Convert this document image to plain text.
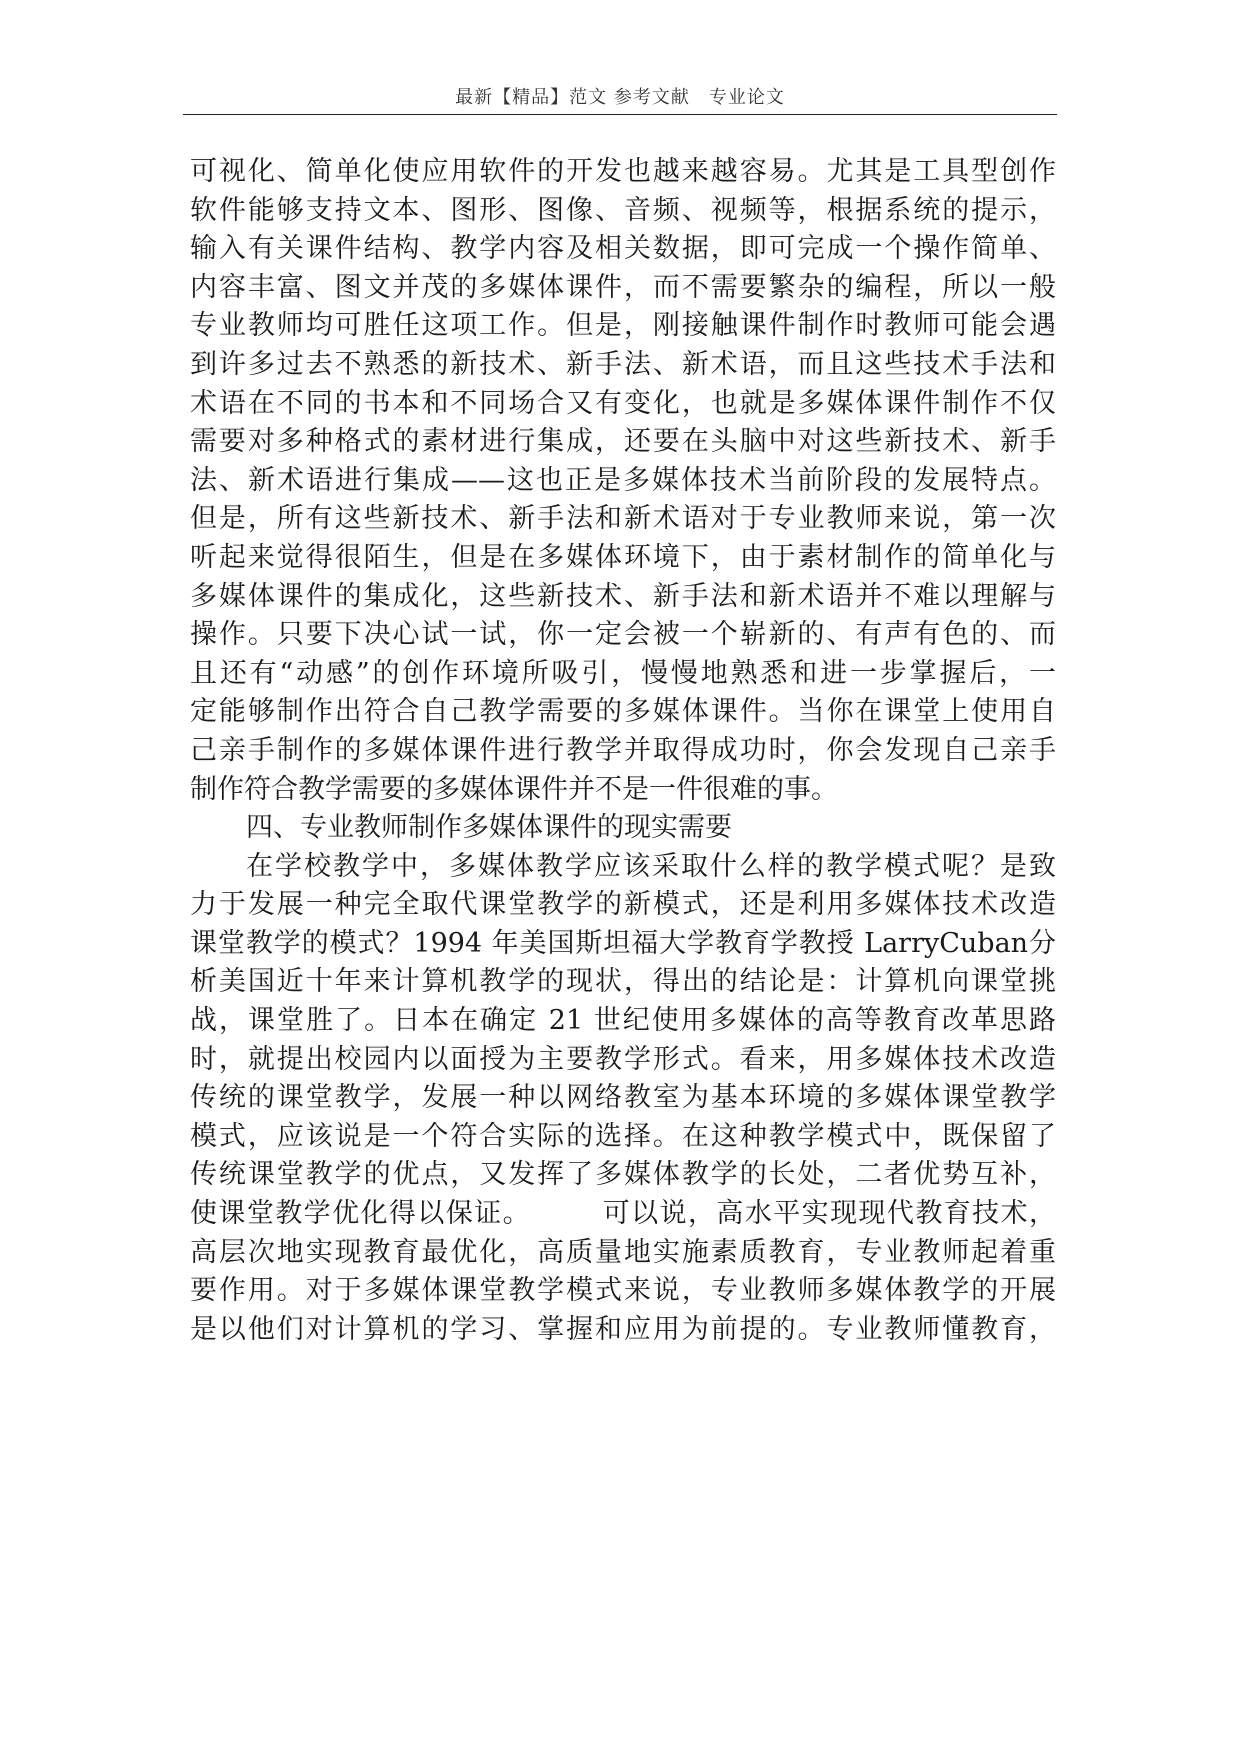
最新【精品】范文 参考文献　专业论文
可视化、简单化使应用软件的开发也越来越容易。尤其是工具型创作
软件能够支持文本、图形、图像、音频、视频等，根据系统的提示，
输入有关课件结构、教学内容及相关数据，即可完成一个操作简单、
内容丰富、图文并茂的多媒体课件，而不需要繁杂的编程，所以一般
专业教师均可胜任这项工作。但是，刚接触课件制作时教师可能会遇
到许多过去不熟悉的新技术、新手法、新术语，而且这些技术手法和
术语在不同的书本和不同场合又有变化，也就是多媒体课件制作不仅
需要对多种格式的素材进行集成，还要在头脑中对这些新技术、新手
法、新术语进行集成——这也正是多媒体技术当前阶段的发展特点。
但是，所有这些新技术、新手法和新术语对于专业教师来说，第一次
听起来觉得很陌生，但是在多媒体环境下，由于素材制作的简单化与
多媒体课件的集成化，这些新技术、新手法和新术语并不难以理解与
操作。只要下决心试一试，你一定会被一个崭新的、有声有色的、而
且还有“动感”的创作环境所吸引，慢慢地熟悉和进一步掌握后，一
定能够制作出符合自己教学需要的多媒体课件。当你在课堂上使用自
己亲手制作的多媒体课件进行教学并取得成功时，你会发现自己亲手
制作符合教学需要的多媒体课件并不是一件很难的事。
四、专业教师制作多媒体课件的现实需要
在学校教学中，多媒体教学应该采取什么样的教学模式呢？是致
力于发展一种完全取代课堂教学的新模式，还是利用多媒体技术改造
课堂教学的模式？1994 年美国斯坦福大学教育学教授 LarryCuban分
析美国近十年来计算机教学的现状，得出的结论是：计算机向课堂挑
战，课堂胜了。日本在确定 21 世纪使用多媒体的高等教育改革思路
时，就提出校园内以面授为主要教学形式。看来，用多媒体技术改造
传统的课堂教学，发展一种以网络教室为基本环境的多媒体课堂教学
模式，应该说是一个符合实际的选择。在这种教学模式中，既保留了
传统课堂教学的优点，又发挥了多媒体教学的长处，二者优势互补，
使课堂教学优化得以保证。　　　可以说，高水平实现现代教育技术，
高层次地实现教育最优化，高质量地实施素质教育，专业教师起着重
要作用。对于多媒体课堂教学模式来说，专业教师多媒体教学的开展
是以他们对计算机的学习、掌握和应用为前提的。专业教师懂教育，
